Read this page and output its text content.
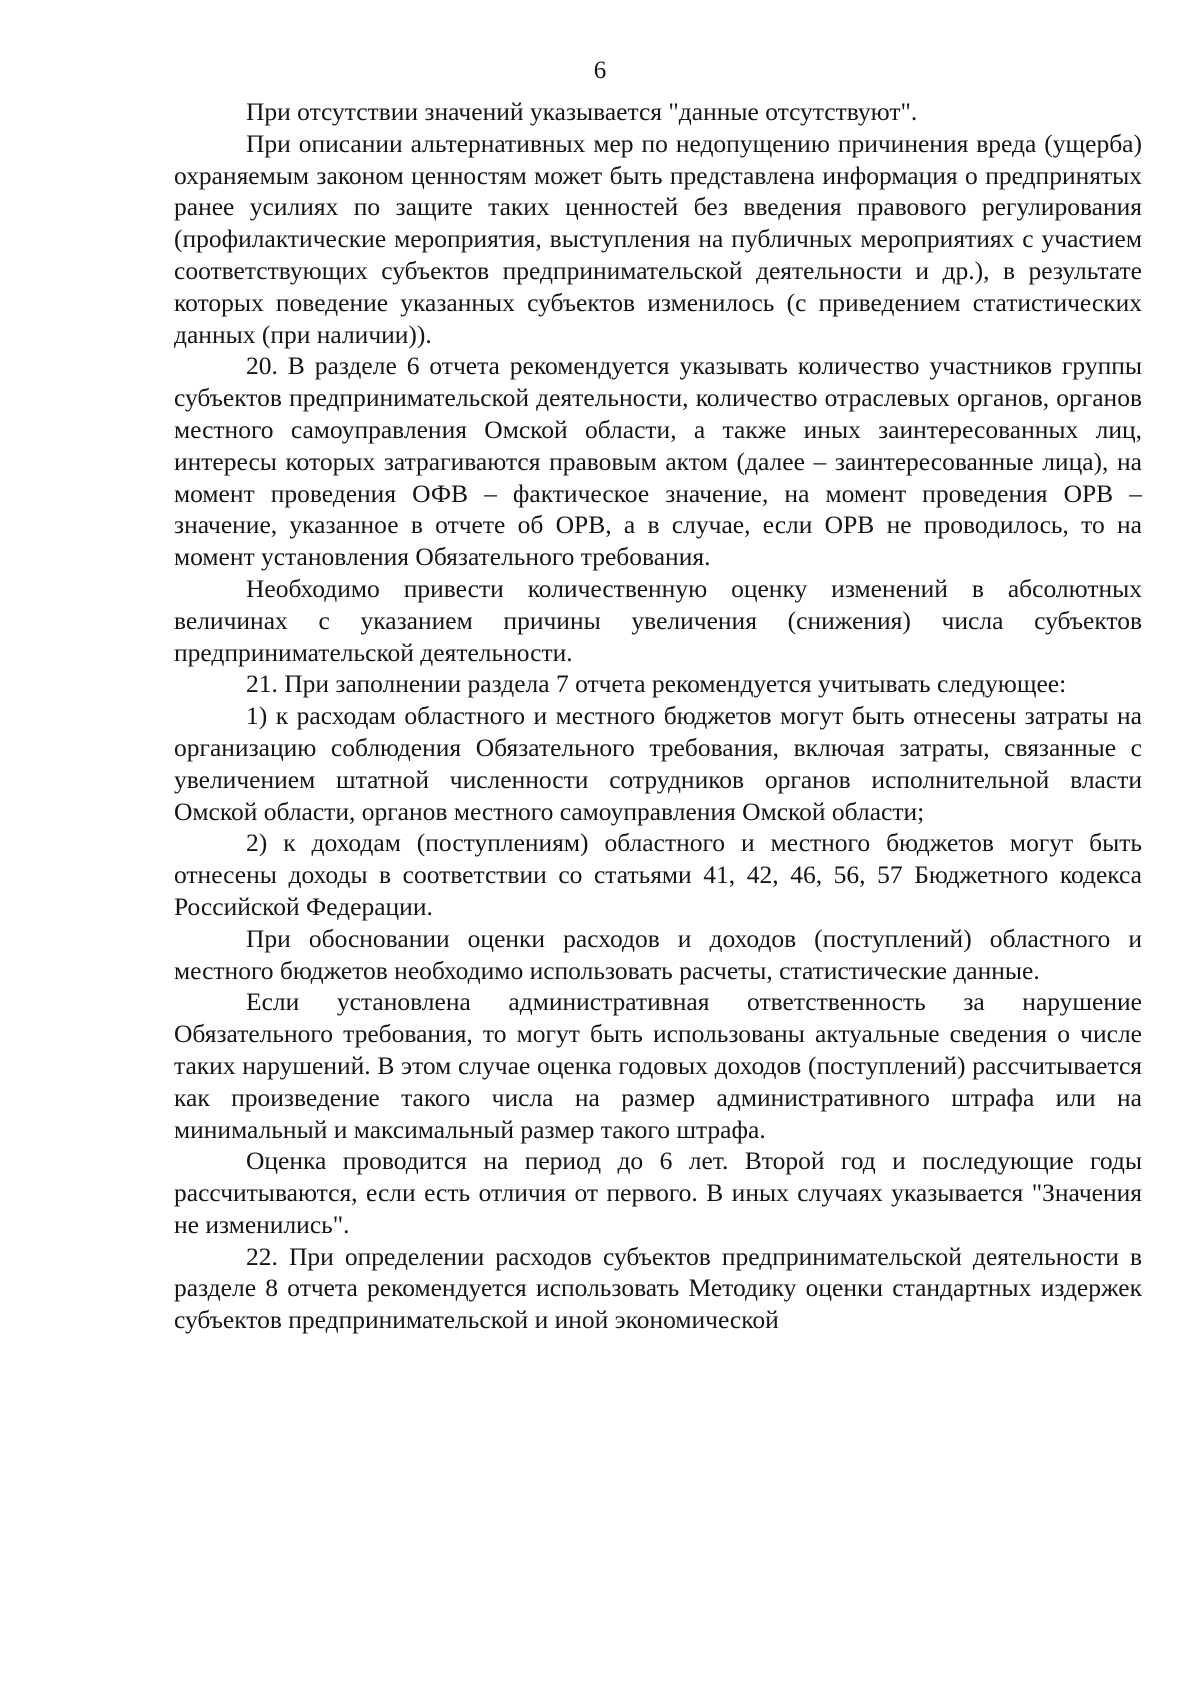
6

При отсутствии значений указывается "данные отсутствуют".

При описании альтернативных мер по недопущению причинения вреда (ущерба) охраняемым законом ценностям может быть представлена информация о предпринятых ранее усилиях по защите таких ценностей без введения правового регулирования (профилактические мероприятия, выступления на публичных мероприятиях с участием соответствующих субъектов предпринимательской деятельности и др.), в результате которых поведение указанных субъектов изменилось (с приведением статистических данных (при наличии)).

20. В разделе 6 отчета рекомендуется указывать количество участников группы субъектов предпринимательской деятельности, количество отраслевых органов, органов местного самоуправления Омской области, а также иных заинтересованных лиц, интересы которых затрагиваются правовым актом (далее – заинтересованные лица), на момент проведения ОФВ – фактическое значение, на момент проведения ОРВ – значение, указанное в отчете об ОРВ, а в случае, если ОРВ не проводилось, то на момент установления Обязательного требования.

Необходимо привести количественную оценку изменений в абсолютных величинах с указанием причины увеличения (снижения) числа субъектов предпринимательской деятельности.

21. При заполнении раздела 7 отчета рекомендуется учитывать следующее:

1) к расходам областного и местного бюджетов могут быть отнесены затраты на организацию соблюдения Обязательного требования, включая затраты, связанные с увеличением штатной численности сотрудников органов исполнительной власти Омской области, органов местного самоуправления Омской области;

2) к доходам (поступлениям) областного и местного бюджетов могут быть отнесены доходы в соответствии со статьями 41, 42, 46, 56, 57 Бюджетного кодекса Российской Федерации.

При обосновании оценки расходов и доходов (поступлений) областного и местного бюджетов необходимо использовать расчеты, статистические данные.

Если установлена административная ответственность за нарушение Обязательного требования, то могут быть использованы актуальные сведения о числе таких нарушений. В этом случае оценка годовых доходов (поступлений) рассчитывается как произведение такого числа на размер административного штрафа или на минимальный и максимальный размер такого штрафа.

Оценка проводится на период до 6 лет. Второй год и последующие годы рассчитываются, если есть отличия от первого. В иных случаях указывается "Значения не изменились".

22. При определении расходов субъектов предпринимательской деятельности в разделе 8 отчета рекомендуется использовать Методику оценки стандартных издержек субъектов предпринимательской и иной экономической
